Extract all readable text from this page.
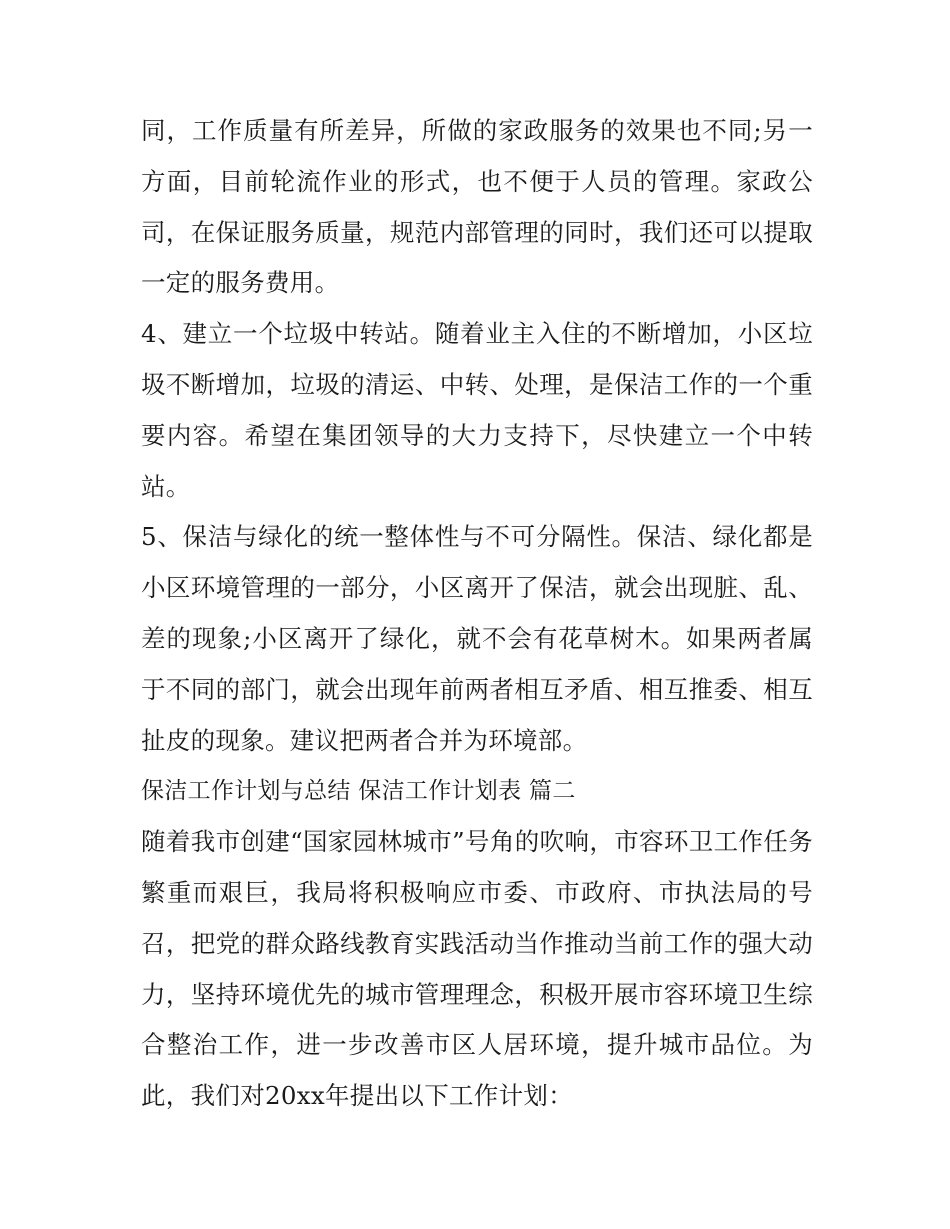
同，工作质量有所差异，所做的家政服务的效果也不同;另一方面，目前轮流作业的形式，也不便于人员的管理。家政公司，在保证服务质量，规范内部管理的同时，我们还可以提取一定的服务费用。

4、建立一个垃圾中转站。随着业主入住的不断增加，小区垃圾不断增加，垃圾的清运、中转、处理，是保洁工作的一个重要内容。希望在集团领导的大力支持下，尽快建立一个中转站。

5、保洁与绿化的统一整体性与不可分隔性。保洁、绿化都是小区环境管理的一部分，小区离开了保洁，就会出现脏、乱、差的现象;小区离开了绿化，就不会有花草树木。如果两者属于不同的部门，就会出现年前两者相互矛盾、相互推委、相互扯皮的现象。建议把两者合并为环境部。

保洁工作计划与总结 保洁工作计划表 篇二

随着我市创建“国家园林城市”号角的吹响，市容环卫工作任务繁重而艰巨，我局将积极响应市委、市政府、市执法局的号召，把党的群众路线教育实践活动当作推动当前工作的强大动力，坚持环境优先的城市管理理念，积极开展市容环境卫生综合整治工作，进一步改善市区人居环境，提升城市品位。为此，我们对20xx年提出以下工作计划：
